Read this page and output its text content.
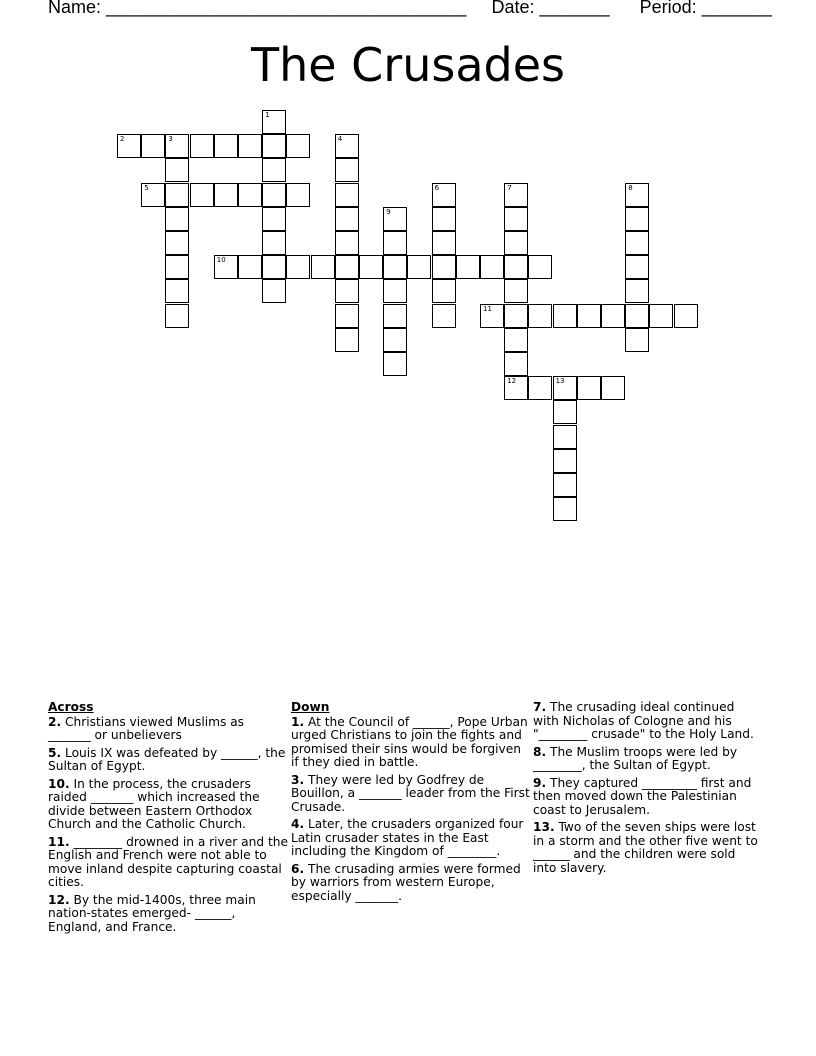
Name: ____________________________________ Date: _______ Period: _______
The Crusades
2	3
5
10
11
12	13
1
4
6	7	8
9
Across
2. Christians viewed Muslims as _______ or unbelievers
5. Louis IX was defeated by ______, the Sultan of Egypt.
10. In the process, the crusaders raided _______ which increased the divide between Eastern Orthodox Church and the Catholic Church.
11. ________ drowned in a river and the English and French were not able to move inland despite capturing coastal cities.
12. By the mid-1400s, three main nation-states emerged- ______, England, and France.
Down
1. At the Council of ______, Pope Urban urged Christians to join the fights and promised their sins would be forgiven if they died in battle.
3. They were led by Godfrey de Bouillon, a _______ leader from the First Crusade.
4. Later, the crusaders organized four Latin crusader states in the East including the Kingdom of ________.
6. The crusading armies were formed by warriors from western Europe, especially _______.
7. The crusading ideal continued with Nicholas of Cologne and his "________ crusade" to the Holy Land.
8. The Muslim troops were led by ________, the Sultan of Egypt.
9. They captured _________ first and then moved down the Palestinian coast to Jerusalem.
13. Two of the seven ships were lost in a storm and the other five went to ______ and the children were sold into slavery.
